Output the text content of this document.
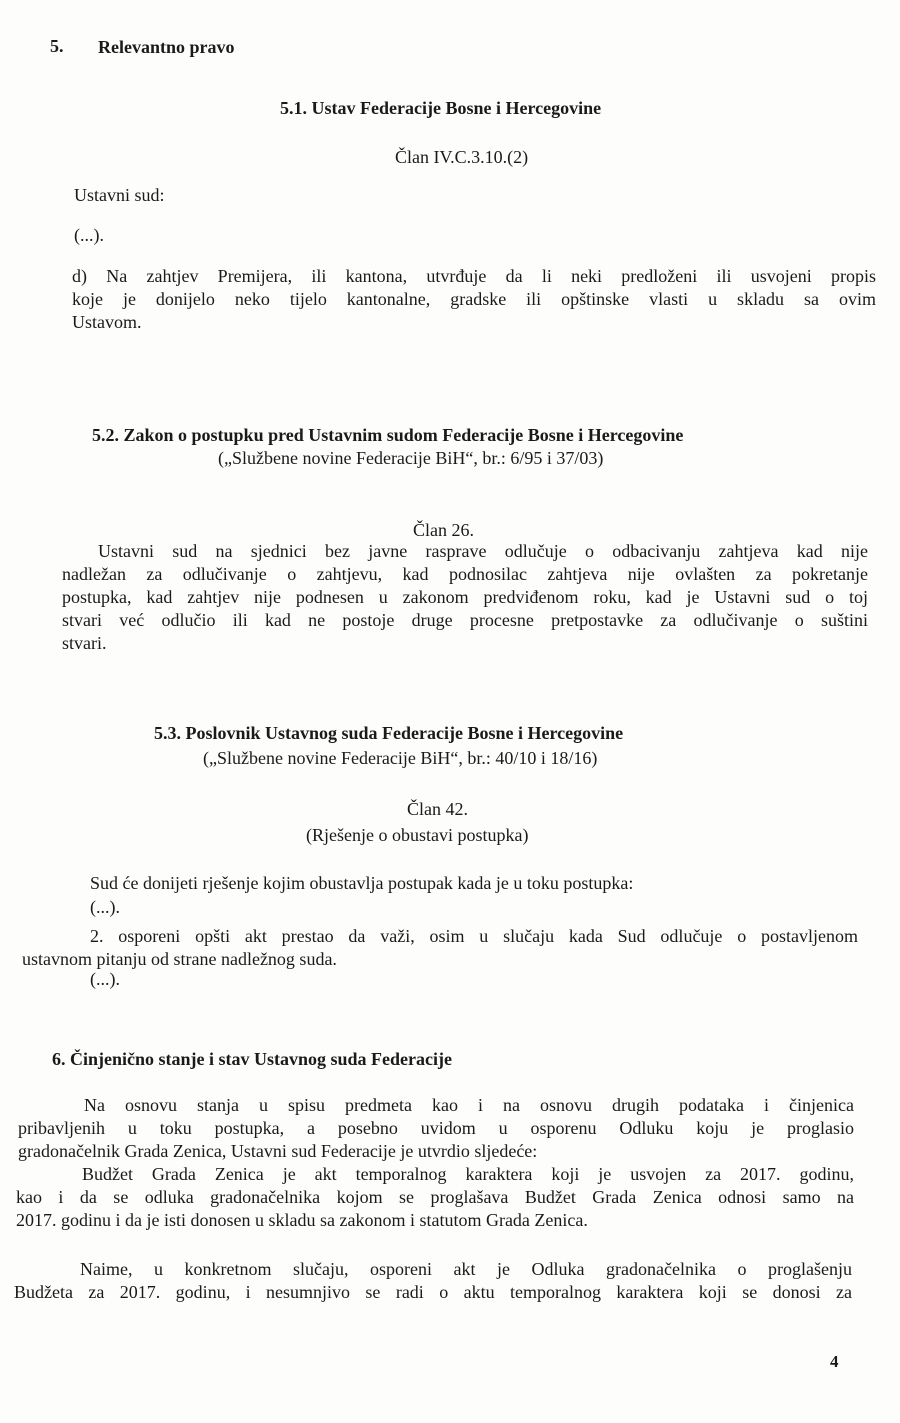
5. Relevantno pravo
5.1. Ustav Federacije Bosne i Hercegovine
Član IV.C.3.10.(2)
Ustavni sud:
(...).
d) Na zahtjev Premijera, ili kantona, utvrđuje da li neki predloženi ili usvojeni propis
koje je donijelo neko tijelo kantonalne, gradske ili opštinske vlasti u skladu sa ovim
Ustavom.
5.2. Zakon o postupku pred Ustavnim sudom Federacije Bosne i Hercegovine
(„Službene novine Federacije BiH“, br.: 6/95 i 37/03)
Član 26.
Ustavni sud na sjednici bez javne rasprave odlučuje o odbacivanju zahtjeva kad nije
nadležan za odlučivanje o zahtjevu, kad podnosilac zahtjeva nije ovlašten za pokretanje
postupka, kad zahtjev nije podnesen u zakonom predviđenom roku, kad je Ustavni sud o toj
stvari već odlučio ili kad ne postoje druge procesne pretpostavke za odlučivanje o suštini
stvari.
5.3. Poslovnik Ustavnog suda Federacije Bosne i Hercegovine
(„Službene novine Federacije BiH“, br.: 40/10 i 18/16)
Član 42.
(Rješenje o obustavi postupka)
Sud će donijeti rješenje kojim obustavlja postupak kada je u toku postupka:
(...).
2. osporeni opšti akt prestao da važi, osim u slučaju kada Sud odlučuje o postavljenom
ustavnom pitanju od strane nadležnog suda.
(...).
6. Činjenično stanje i stav Ustavnog suda Federacije
Na osnovu stanja u spisu predmeta kao i na osnovu drugih podataka i činjenica
pribavljenih u toku postupka, a posebno uvidom u osporenu Odluku koju je proglasio
gradonačelnik Grada Zenica, Ustavni sud Federacije je utvrdio sljedeće:
Budžet Grada Zenica je akt temporalnog karaktera koji je usvojen za 2017. godinu,
kao i da se odluka gradonačelnika kojom se proglašava Budžet Grada Zenica odnosi samo na
2017. godinu i da je isti donosen u skladu sa zakonom i statutom Grada Zenica.
Naime, u konkretnom slučaju, osporeni akt je Odluka gradonačelnika o proglašenju
Budžeta za 2017. godinu, i nesumnjivo se radi o aktu temporalnog karaktera koji se donosi za
4
